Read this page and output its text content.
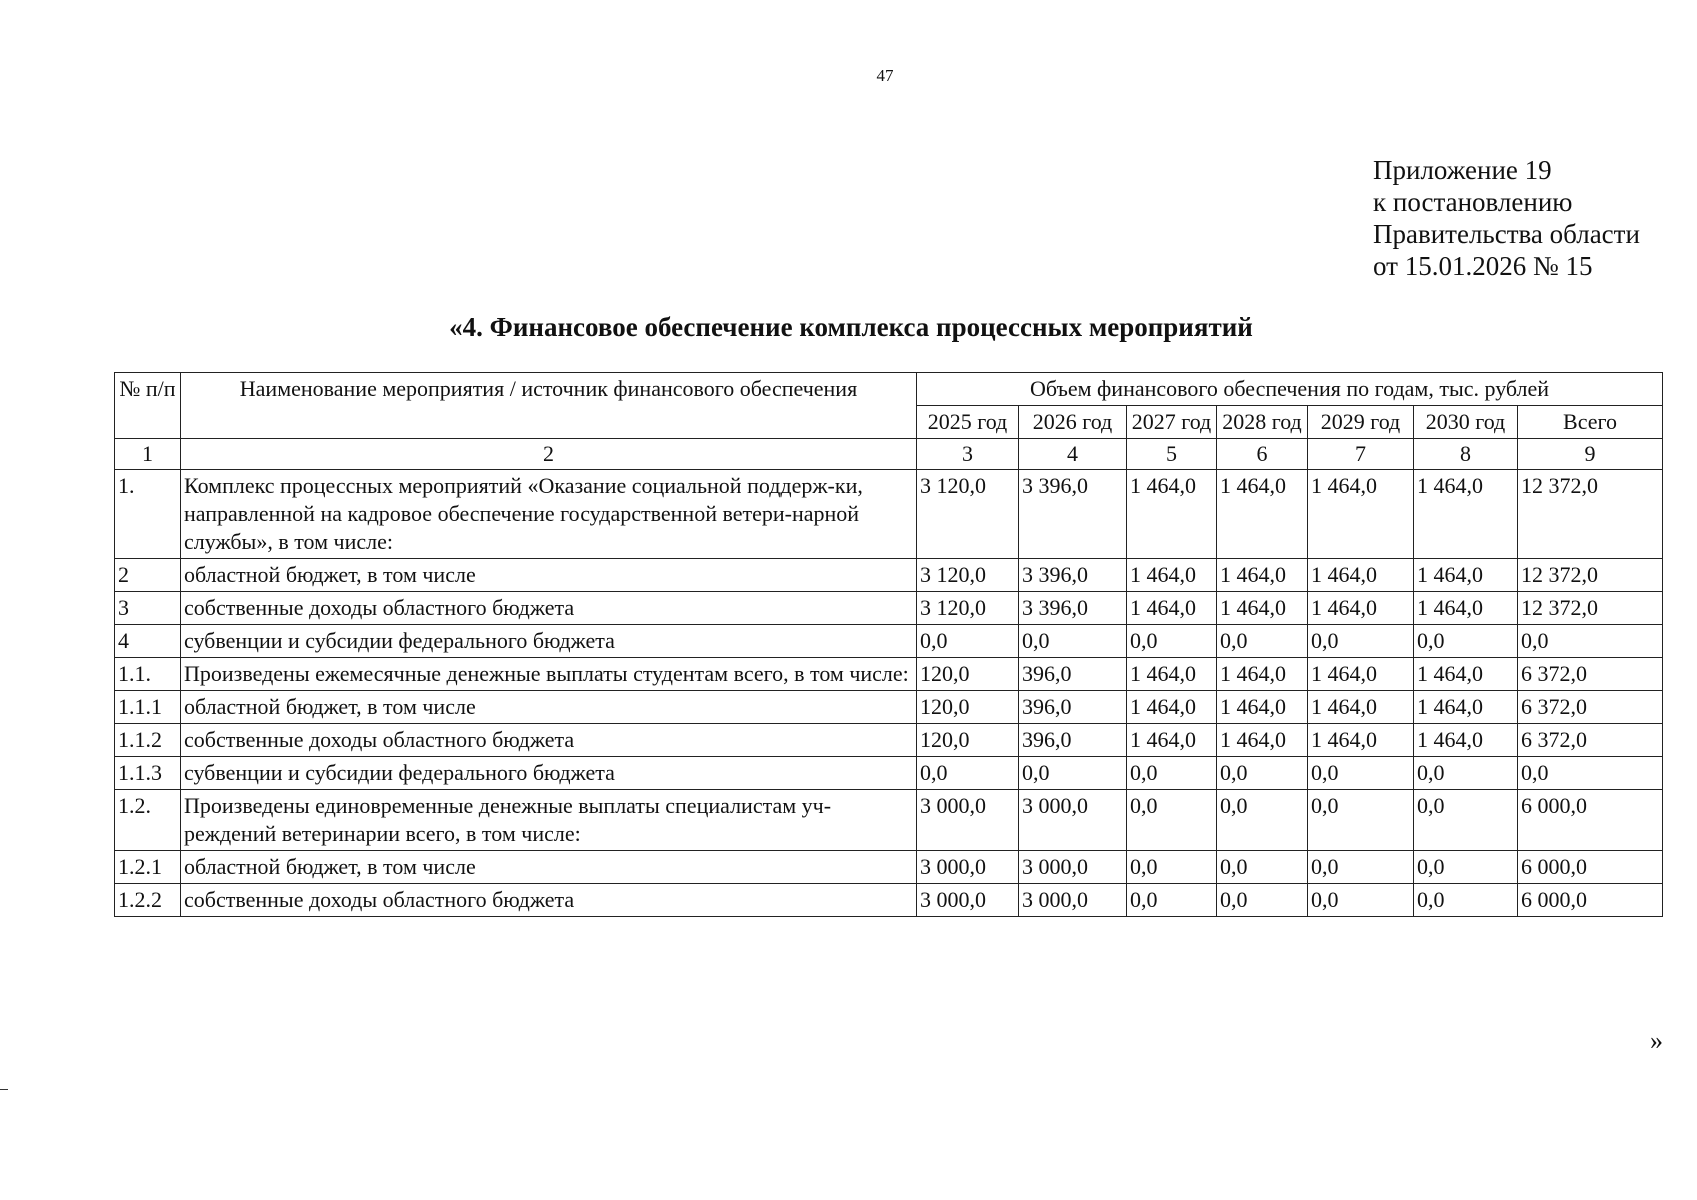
47
Приложение 19
к постановлению
Правительства области
от 15.01.2026 № 15
«4. Финансовое обеспечение комплекса процессных мероприятий
№ п/п	Наименование мероприятия / источник финансового обеспечения	Объем финансового обеспечения по годам, тыс. рублей						
		2025 год	2026 год	2027 год	2028 год	2029 год	2030 год	Всего
1	2	3	4	5	6	7	8	9
1.	Комплекс процессных мероприятий «Оказание социальной поддерж-ки, направленной на кадровое обеспечение государственной ветери-нарной службы», в том числе:	3 120,0	3 396,0	1 464,0	1 464,0	1 464,0	1 464,0	12 372,0
2	областной бюджет, в том числе	3 120,0	3 396,0	1 464,0	1 464,0	1 464,0	1 464,0	12 372,0
3	собственные доходы областного бюджета	3 120,0	3 396,0	1 464,0	1 464,0	1 464,0	1 464,0	12 372,0
4	субвенции и субсидии федерального бюджета	0,0	0,0	0,0	0,0	0,0	0,0	0,0
1.1.	Произведены ежемесячные денежные выплаты студентам всего, в том числе:	120,0	396,0	1 464,0	1 464,0	1 464,0	1 464,0	6 372,0
1.1.1	областной бюджет, в том числе	120,0	396,0	1 464,0	1 464,0	1 464,0	1 464,0	6 372,0
1.1.2	собственные доходы областного бюджета	120,0	396,0	1 464,0	1 464,0	1 464,0	1 464,0	6 372,0
1.1.3	субвенции и субсидии федерального бюджета	0,0	0,0	0,0	0,0	0,0	0,0	0,0
1.2.	Произведены единовременные денежные выплаты специалистам уч-реждений ветеринарии всего, в том числе:	3 000,0	3 000,0	0,0	0,0	0,0	0,0	6 000,0
1.2.1	областной бюджет, в том числе	3 000,0	3 000,0	0,0	0,0	0,0	0,0	6 000,0
1.2.2	собственные доходы областного бюджета	3 000,0	3 000,0	0,0	0,0	0,0	0,0	6 000,0
»
